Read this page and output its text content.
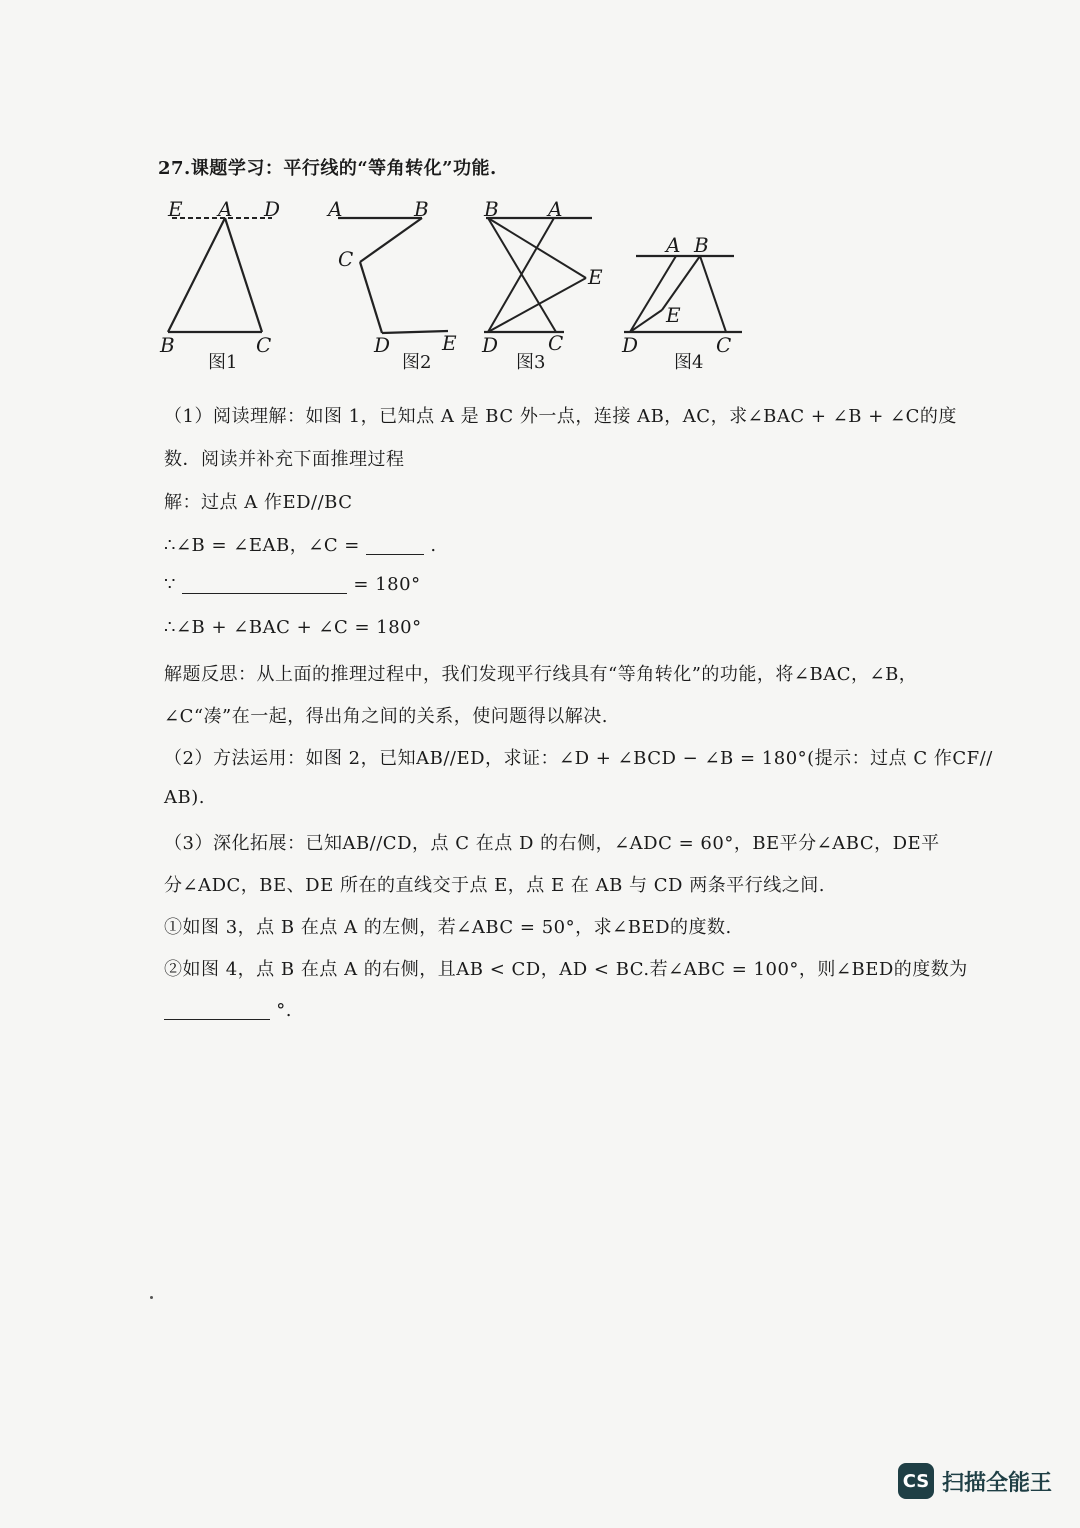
27.课题学习：平行线的“等角转化”功能.
E A D
B	C
图1
A	B
C
D	E
图2
B A
E
D C
图3
A B
E
D	C
图4
（1）阅读理解：如图 1，已知点 A 是 BC 外一点，连接 AB，AC，求∠BAC + ∠B + ∠C的度
数．阅读并补充下面推理过程
解：过点 A 作ED//BC
∴∠B = ∠EAB，∠C =	.
∵	= 180°
∴∠B + ∠BAC + ∠C = 180°
解题反思：从上面的推理过程中，我们发现平行线具有“等角转化”的功能，将∠BAC，∠B，
∠C“凑”在一起，得出角之间的关系，使问题得以解决.
（2）方法运用：如图 2，已知AB//ED，求证：∠D + ∠BCD − ∠B = 180°(提示：过点 C 作CF//
AB).
（3）深化拓展：已知AB//CD，点 C 在点 D 的右侧，∠ADC = 60°，BE平分∠ABC，DE平
分∠ADC，BE、DE 所在的直线交于点 E，点 E 在 AB 与 CD 两条平行线之间.
①如图 3，点 B 在点 A 的左侧，若∠ABC = 50°，求∠BED的度数.
②如图 4，点 B 在点 A 的右侧，且AB < CD，AD < BC.若∠ABC = 100°，则∠BED的度数为
°.
CS 扫描全能王
